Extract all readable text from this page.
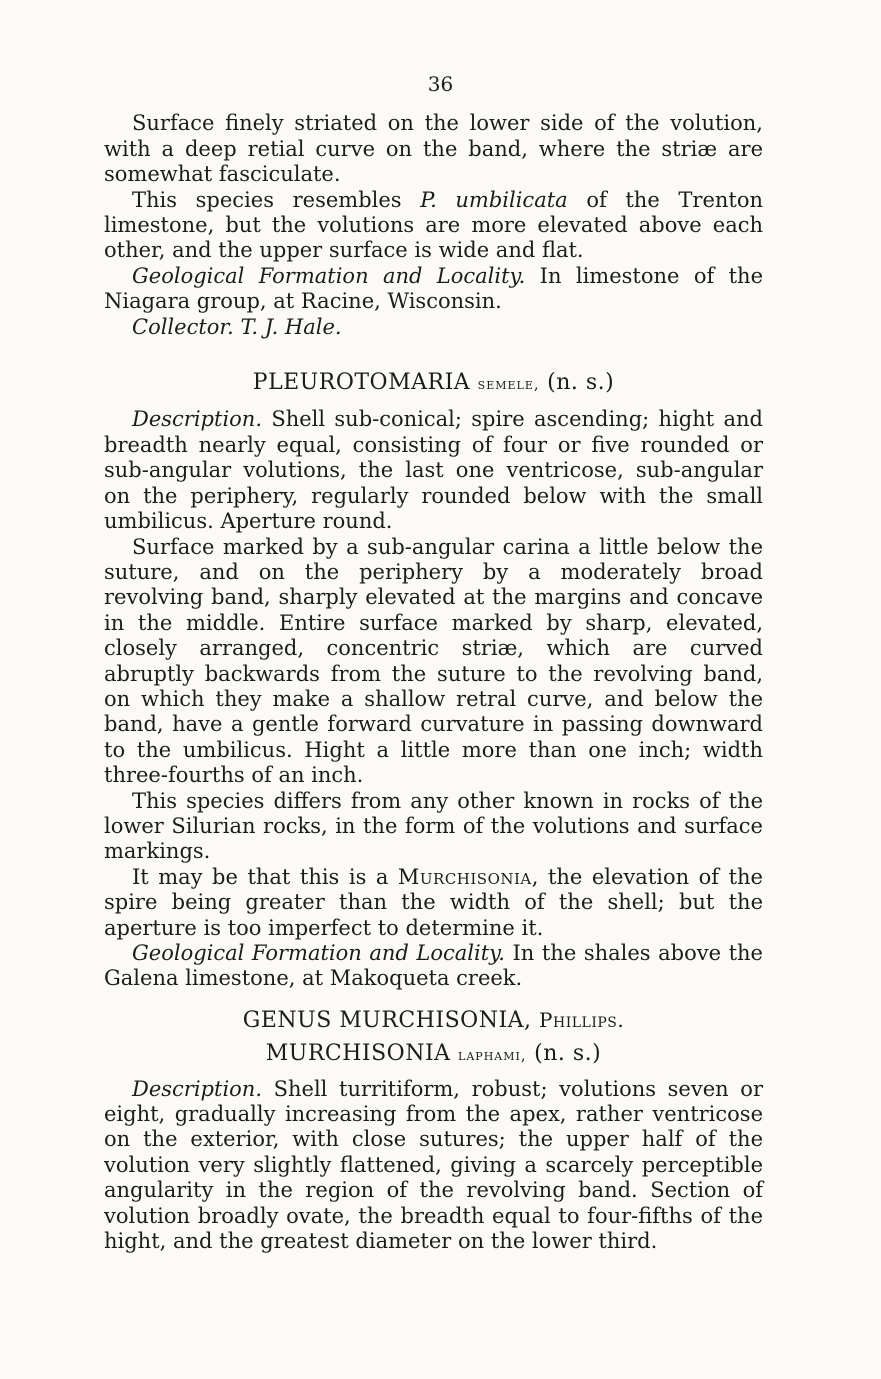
36

Surface finely striated on the lower side of the volution, with a deep retial curve on the band, where the striæ are somewhat fasciculate.

This species resembles P. umbilicata of the Trenton limestone, but the volutions are more elevated above each other, and the upper surface is wide and flat.

Geological Formation and Locality. In limestone of the Niagara group, at Racine, Wisconsin.

Collector. T. J. Hale.

PLEUROTOMARIA semele, (n. s.)

Description. Shell sub-conical; spire ascending; hight and breadth nearly equal, consisting of four or five rounded or sub-angular volutions, the last one ventricose, sub-angular on the periphery, regularly rounded below with the small umbilicus. Aperture round.

Surface marked by a sub-angular carina a little below the suture, and on the periphery by a moderately broad revolving band, sharply elevated at the margins and concave in the middle. Entire surface marked by sharp, elevated, closely arranged, concentric striæ, which are curved abruptly backwards from the suture to the revolving band, on which they make a shallow retral curve, and below the band, have a gentle forward curvature in passing downward to the umbilicus. Hight a little more than one inch; width three-fourths of an inch.

This species differs from any other known in rocks of the lower Silurian rocks, in the form of the volutions and surface markings.

It may be that this is a Murchisonia, the elevation of the spire being greater than the width of the shell; but the aperture is too imperfect to determine it.

Geological Formation and Locality. In the shales above the Galena limestone, at Makoqueta creek.

GENUS MURCHISONIA, Phillips.
MURCHISONIA laphami, (n. s.)

Description. Shell turritiform, robust; volutions seven or eight, gradually increasing from the apex, rather ventricose on the exterior, with close sutures; the upper half of the volution very slightly flattened, giving a scarcely perceptible angularity in the region of the revolving band. Section of volution broadly ovate, the breadth equal to four-fifths of the hight, and the greatest diameter on the lower third.
